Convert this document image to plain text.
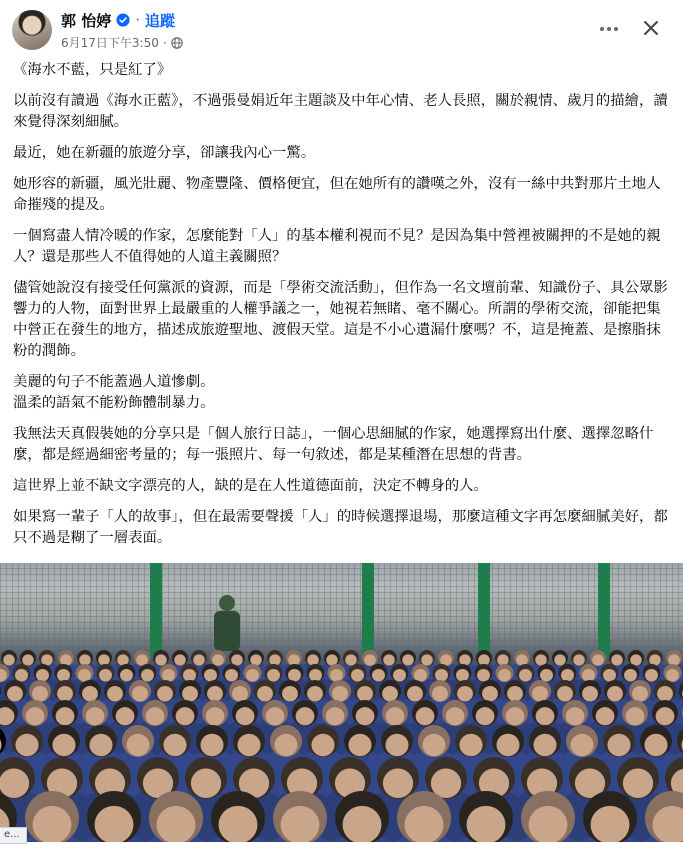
郭 怡婷 · 追蹤
6月17日下午3:50 ·

《海水不藍，只是紅了》

以前沒有讀過《海水正藍》，不過張曼娟近年主題談及中年心情、老人長照，關於親情、歲月的描繪，讀來覺得深刻細膩。

最近，她在新疆的旅遊分享，卻讓我內心一驚。

她形容的新疆，風光壯麗、物產豐隆、價格便宜，但在她所有的讚嘆之外，沒有一絲中共對那片土地人命摧殘的提及。

一個寫盡人情冷暖的作家，怎麼能對「人」的基本權利視而不見？是因為集中營裡被關押的不是她的親人？還是那些人不值得她的人道主義關照？

儘管她說沒有接受任何黨派的資源，而是「學術交流活動」，但作為一名文壇前輩、知識份子、具公眾影響力的人物，面對世界上最嚴重的人權爭議之一，她視若無睹、毫不關心。所謂的學術交流，卻能把集中營正在發生的地方，描述成旅遊聖地、渡假天堂。這是不小心遺漏什麼嗎？不，這是掩蓋、是擦脂抹粉的潤飾。

美麗的句子不能蓋過人道慘劇。

溫柔的語氣不能粉飾體制暴力。

我無法天真假裝她的分享只是「個人旅行日誌」，一個心思細膩的作家，她選擇寫出什麼、選擇忽略什麼，都是經過細密考量的；每一張照片、每一句敘述，都是某種潛在思想的背書。

這世界上並不缺文字漂亮的人，缺的是在人性道德面前，決定不轉身的人。

如果寫一輩子「人的故事」，但在最需要聲援「人」的時候選擇退場，那麼這種文字再怎麼細膩美好，都只不過是糊了一層表面。

e...
